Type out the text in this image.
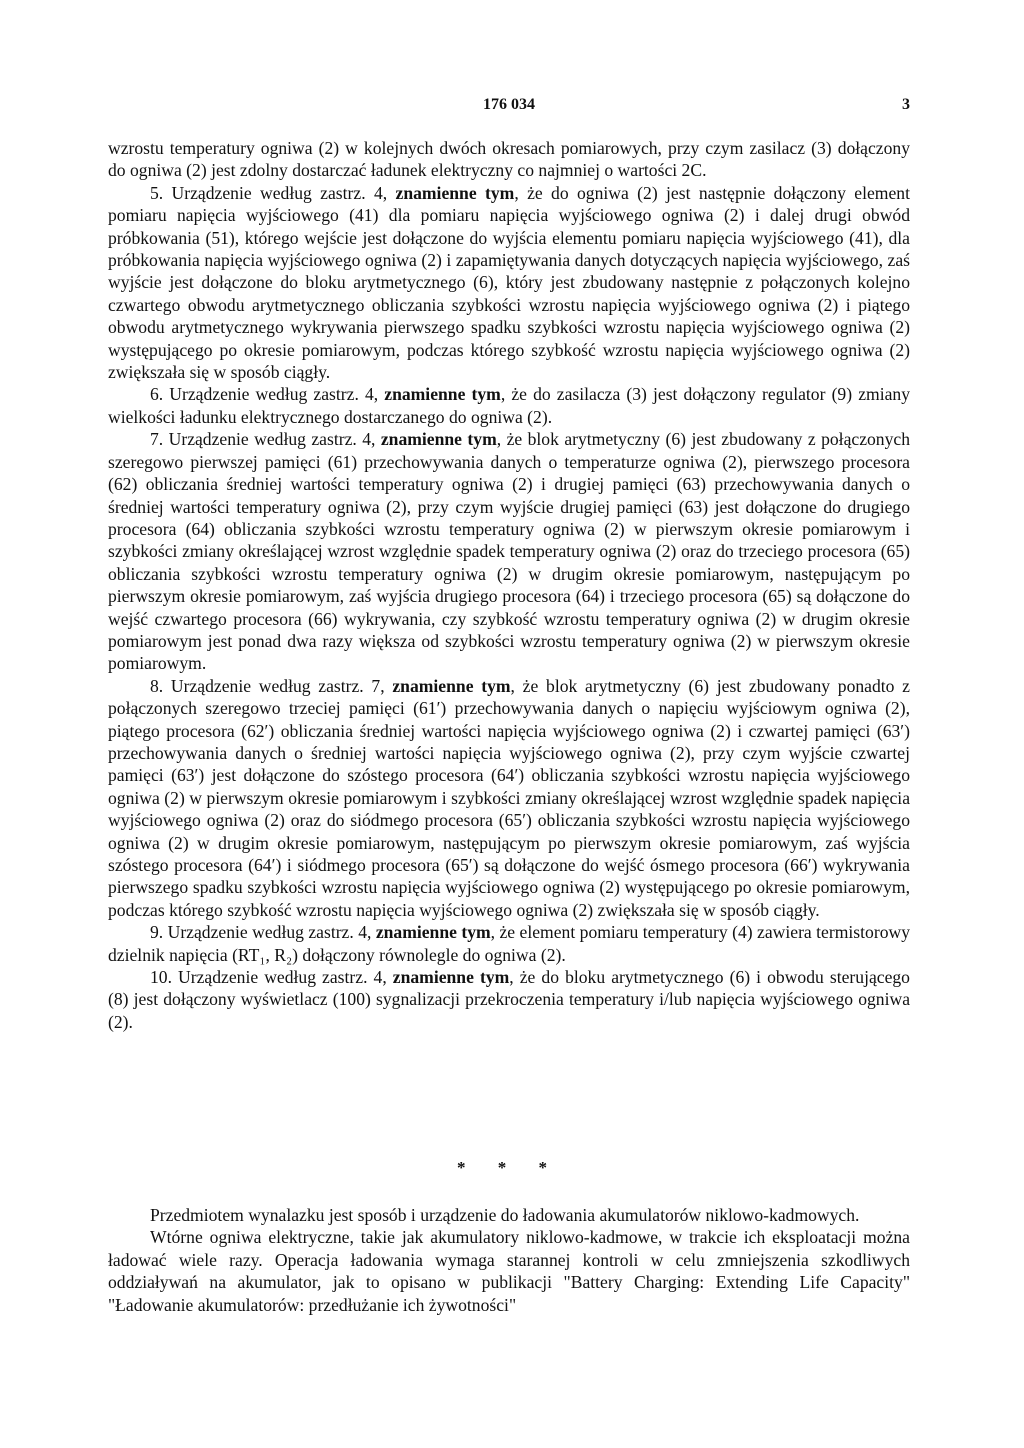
176 034	3

wzrostu temperatury ogniwa (2) w kolejnych dwóch okresach pomiarowych, przy czym zasilacz (3) dołączony do ogniwa (2) jest zdolny dostarczać ładunek elektryczny co najmniej o wartości 2C.

5. Urządzenie według zastrz. 4, znamienne tym, że do ogniwa (2) jest następnie dołączony element pomiaru napięcia wyjściowego (41) dla pomiaru napięcia wyjściowego ogniwa (2) i dalej drugi obwód próbkowania (51), którego wejście jest dołączone do wyjścia elementu pomiaru napięcia wyjściowego (41), dla próbkowania napięcia wyjściowego ogniwa (2) i zapamiętywania danych dotyczących napięcia wyjściowego, zaś wyjście jest dołączone do bloku arytmetycznego (6), który jest zbudowany następnie z połączonych kolejno czwartego obwodu arytmetycznego obliczania szybkości wzrostu napięcia wyjściowego ogniwa (2) i piątego obwodu arytmetycznego wykrywania pierwszego spadku szybkości wzrostu napięcia wyjściowego ogniwa (2) występującego po okresie pomiarowym, podczas którego szybkość wzrostu napięcia wyjściowego ogniwa (2) zwiększała się w sposób ciągły.

6. Urządzenie według zastrz. 4, znamienne tym, że do zasilacza (3) jest dołączony regulator (9) zmiany wielkości ładunku elektrycznego dostarczanego do ogniwa (2).

7. Urządzenie według zastrz. 4, znamienne tym, że blok arytmetyczny (6) jest zbudowany z połączonych szeregowo pierwszej pamięci (61) przechowywania danych o temperaturze ogniwa (2), pierwszego procesora (62) obliczania średniej wartości temperatury ogniwa (2) i drugiej pamięci (63) przechowywania danych o średniej wartości temperatury ogniwa (2), przy czym wyjście drugiej pamięci (63) jest dołączone do drugiego procesora (64) obliczania szybkości wzrostu temperatury ogniwa (2) w pierwszym okresie pomiarowym i szybkości zmiany określającej wzrost względnie spadek temperatury ogniwa (2) oraz do trzeciego procesora (65) obliczania szybkości wzrostu temperatury ogniwa (2) w drugim okresie pomiarowym, następującym po pierwszym okresie pomiarowym, zaś wyjścia drugiego procesora (64) i trzeciego procesora (65) są dołączone do wejść czwartego procesora (66) wykrywania, czy szybkość wzrostu temperatury ogniwa (2) w drugim okresie pomiarowym jest ponad dwa razy większa od szybkości wzrostu temperatury ogniwa (2) w pierwszym okresie pomiarowym.

8. Urządzenie według zastrz. 7, znamienne tym, że blok arytmetyczny (6) jest zbudowany ponadto z połączonych szeregowo trzeciej pamięci (61′) przechowywania danych o napięciu wyjściowym ogniwa (2), piątego procesora (62′) obliczania średniej wartości napięcia wyjściowego ogniwa (2) i czwartej pamięci (63′) przechowywania danych o średniej wartości napięcia wyjściowego ogniwa (2), przy czym wyjście czwartej pamięci (63′) jest dołączone do szóstego procesora (64′) obliczania szybkości wzrostu napięcia wyjściowego ogniwa (2) w pierwszym okresie pomiarowym i szybkości zmiany określającej wzrost względnie spadek napięcia wyjściowego ogniwa (2) oraz do siódmego procesora (65′) obliczania szybkości wzrostu napięcia wyjściowego ogniwa (2) w drugim okresie pomiarowym, następującym po pierwszym okresie pomiarowym, zaś wyjścia szóstego procesora (64′) i siódmego procesora (65′) są dołączone do wejść ósmego procesora (66′) wykrywania pierwszego spadku szybkości wzrostu napięcia wyjściowego ogniwa (2) występującego po okresie pomiarowym, podczas którego szybkość wzrostu napięcia wyjściowego ogniwa (2) zwiększała się w sposób ciągły.

9. Urządzenie według zastrz. 4, znamienne tym, że element pomiaru temperatury (4) zawiera termistorowy dzielnik napięcia (RT₁, R₂) dołączony równolegle do ogniwa (2).

10. Urządzenie według zastrz. 4, znamienne tym, że do bloku arytmetycznego (6) i obwodu sterującego (8) jest dołączony wyświetlacz (100) sygnalizacji przekroczenia temperatury i/lub napięcia wyjściowego ogniwa (2).

* * *

Przedmiotem wynalazku jest sposób i urządzenie do ładowania akumulatorów niklowo-kadmowych.

Wtórne ogniwa elektryczne, takie jak akumulatory niklowo-kadmowe, w trakcie ich eksploatacji można ładować wiele razy. Operacja ładowania wymaga starannej kontroli w celu zmniejszenia szkodliwych oddziaływań na akumulator, jak to opisano w publikacji "Battery Charging: Extending Life Capacity" "Ładowanie akumulatorów: przedłużanie ich żywotności"
